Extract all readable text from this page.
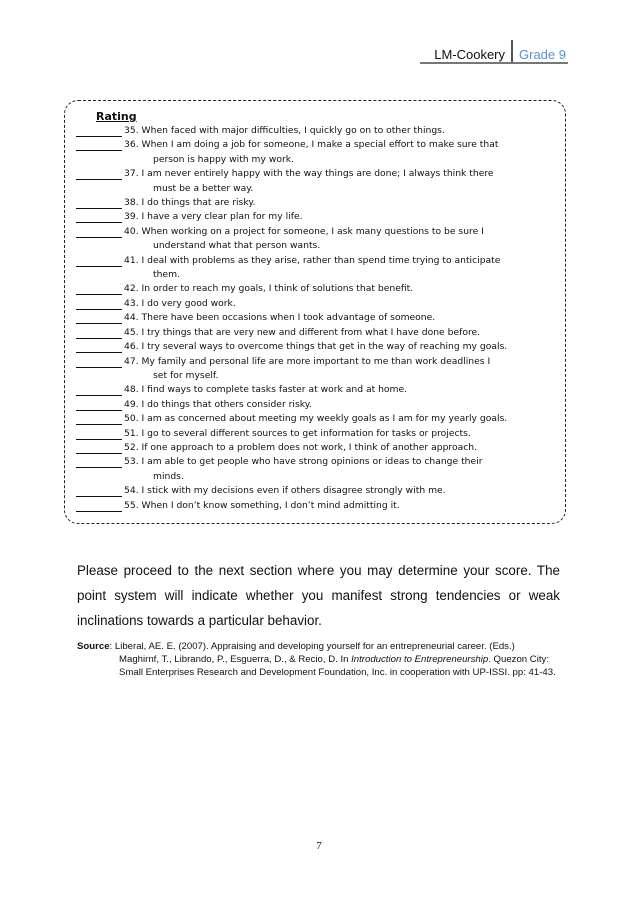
LM-Cookery	Grade 9
Rating
35. When faced with major difficulties, I quickly go on to other things.
36. When I am doing a job for someone, I make a special effort to make sure that
person is happy with my work.
37. I am never entirely happy with the way things are done; I always think there
must be a better way.
38. I do things that are risky.
39. I have a very clear plan for my life.
40. When working on a project for someone, I ask many questions to be sure I
understand what that person wants.
41. I deal with problems as they arise, rather than spend time trying to anticipate
them.
42. In order to reach my goals, I think of solutions that benefit.
43. I do very good work.
44. There have been occasions when I took advantage of someone.
45. I try things that are very new and different from what I have done before.
46. I try several ways to overcome things that get in the way of reaching my goals.
47. My family and personal life are more important to me than work deadlines I
set for myself.
48. I find ways to complete tasks faster at work and at home.
49. I do things that others consider risky.
50. I am as concerned about meeting my weekly goals as I am for my yearly goals.
51. I go to several different sources to get information for tasks or projects.
52. If one approach to a problem does not work, I think of another approach.
53. I am able to get people who have strong opinions or ideas to change their
minds.
54. I stick with my decisions even if others disagree strongly with me.
55. When I don’t know something, I don’t mind admitting it.
Please proceed to the next section where you may determine your score. The point system will indicate whether you manifest strong tendencies or weak inclinations towards a particular behavior.
Source: Liberal, AE. E. (2007). Appraising and developing yourself for an entrepreneurial career. (Eds.)
Maghirnf, T., Librando, P., Esguerra, D., & Recio, D. In Introduction to Entrepreneurship. Quezon City:
Small Enterprises Research and Development Foundation, Inc. in cooperation with UP-ISSI. pp: 41-43.
7
